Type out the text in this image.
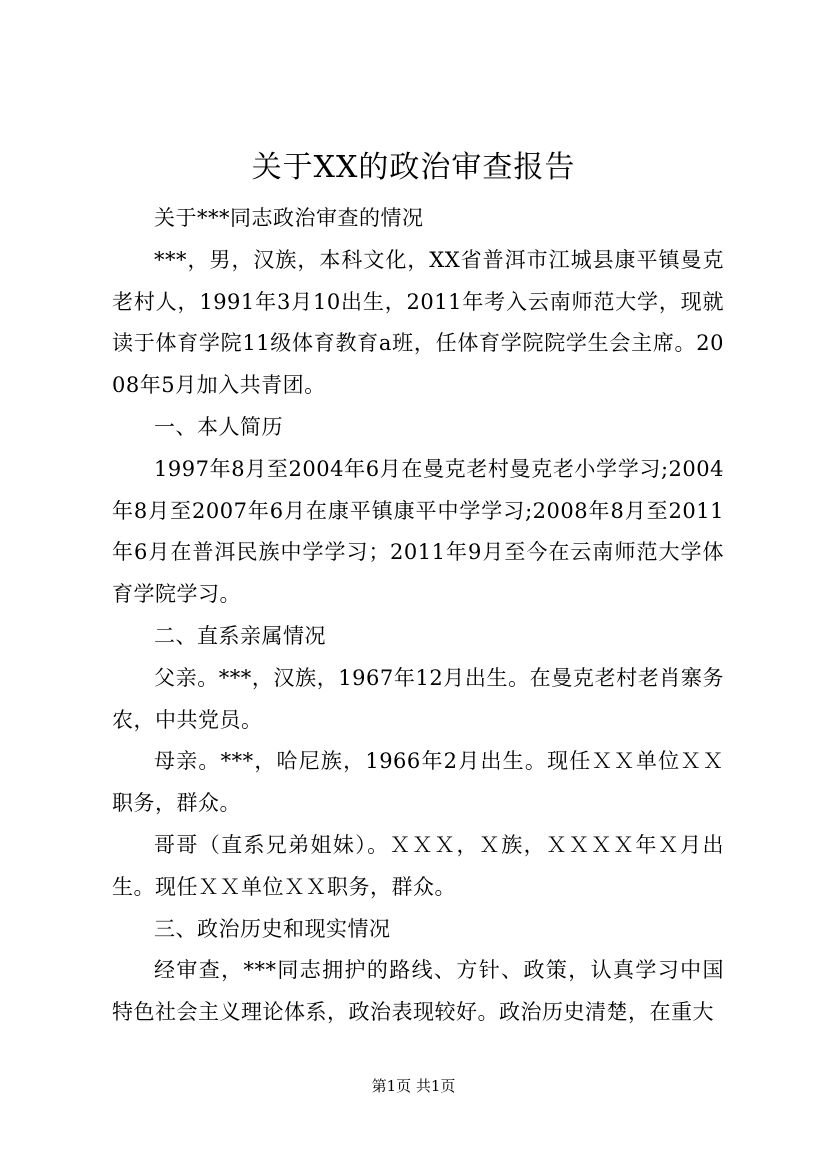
关于XX的政治审查报告

关于***同志政治审查的情况

***，男，汉族，本科文化，XX省普洱市江城县康平镇曼克老村人，1991年3月10出生，2011年考入云南师范大学，现就读于体育学院11级体育教育a班，任体育学院院学生会主席。2008年5月加入共青团。

一、本人简历

1997年8月至2004年6月在曼克老村曼克老小学学习;2004年8月至2007年6月在康平镇康平中学学习;2008年8月至2011年6月在普洱民族中学学习；2011年9月至今在云南师范大学体育学院学习。

二、直系亲属情况

父亲。***，汉族，1967年12月出生。在曼克老村老肖寨务农，中共党员。

母亲。***，哈尼族，1966年2月出生。现任ＸＸ单位ＸＸ职务，群众。

哥哥（直系兄弟姐妹）。ＸＸＸ，Ｘ族，ＸＸＸＸ年Ｘ月出生。现任ＸＸ单位ＸＸ职务，群众。

三、政治历史和现实情况

经审查，***同志拥护的路线、方针、政策，认真学习中国特色社会主义理论体系，政治表现较好。政治历史清楚，在重大

第1页 共1页
